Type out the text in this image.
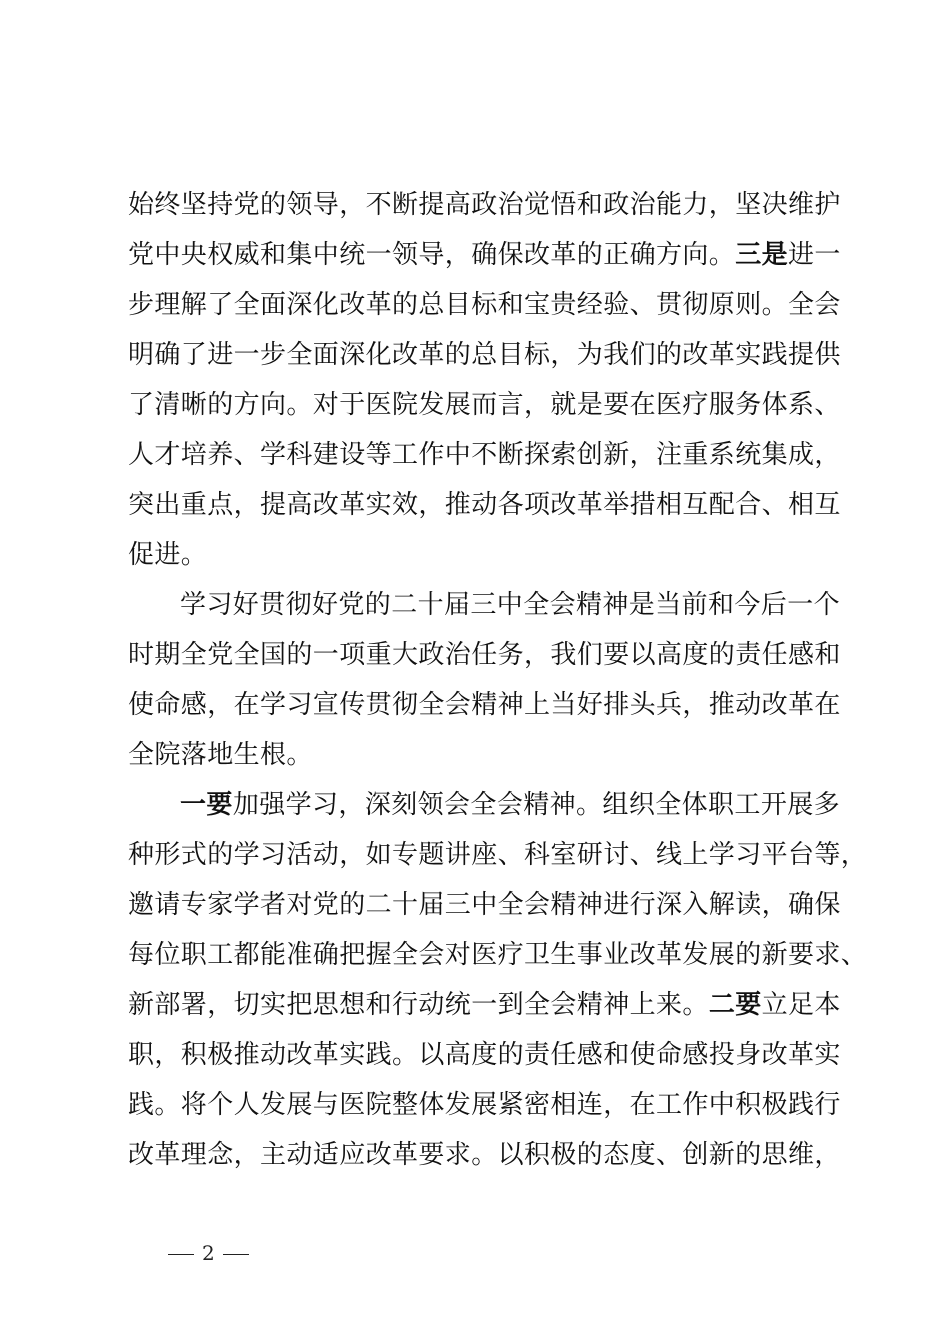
始终坚持党的领导，不断提高政治觉悟和政治能力，坚决维护
党中央权威和集中统一领导，确保改革的正确方向。三是进一
步理解了全面深化改革的总目标和宝贵经验、贯彻原则。全会
明确了进一步全面深化改革的总目标，为我们的改革实践提供
了清晰的方向。对于医院发展而言，就是要在医疗服务体系、
人才培养、学科建设等工作中不断探索创新，注重系统集成，
突出重点，提高改革实效，推动各项改革举措相互配合、相互
促进。
学习好贯彻好党的二十届三中全会精神是当前和今后一个
时期全党全国的一项重大政治任务，我们要以高度的责任感和
使命感，在学习宣传贯彻全会精神上当好排头兵，推动改革在
全院落地生根。
一要加强学习，深刻领会全会精神。组织全体职工开展多
种形式的学习活动，如专题讲座、科室研讨、线上学习平台等，
邀请专家学者对党的二十届三中全会精神进行深入解读，确保
每位职工都能准确把握全会对医疗卫生事业改革发展的新要求、
新部署，切实把思想和行动统一到全会精神上来。二要立足本
职，积极推动改革实践。以高度的责任感和使命感投身改革实
践。将个人发展与医院整体发展紧密相连，在工作中积极践行
改革理念，主动适应改革要求。以积极的态度、创新的思维，
2
